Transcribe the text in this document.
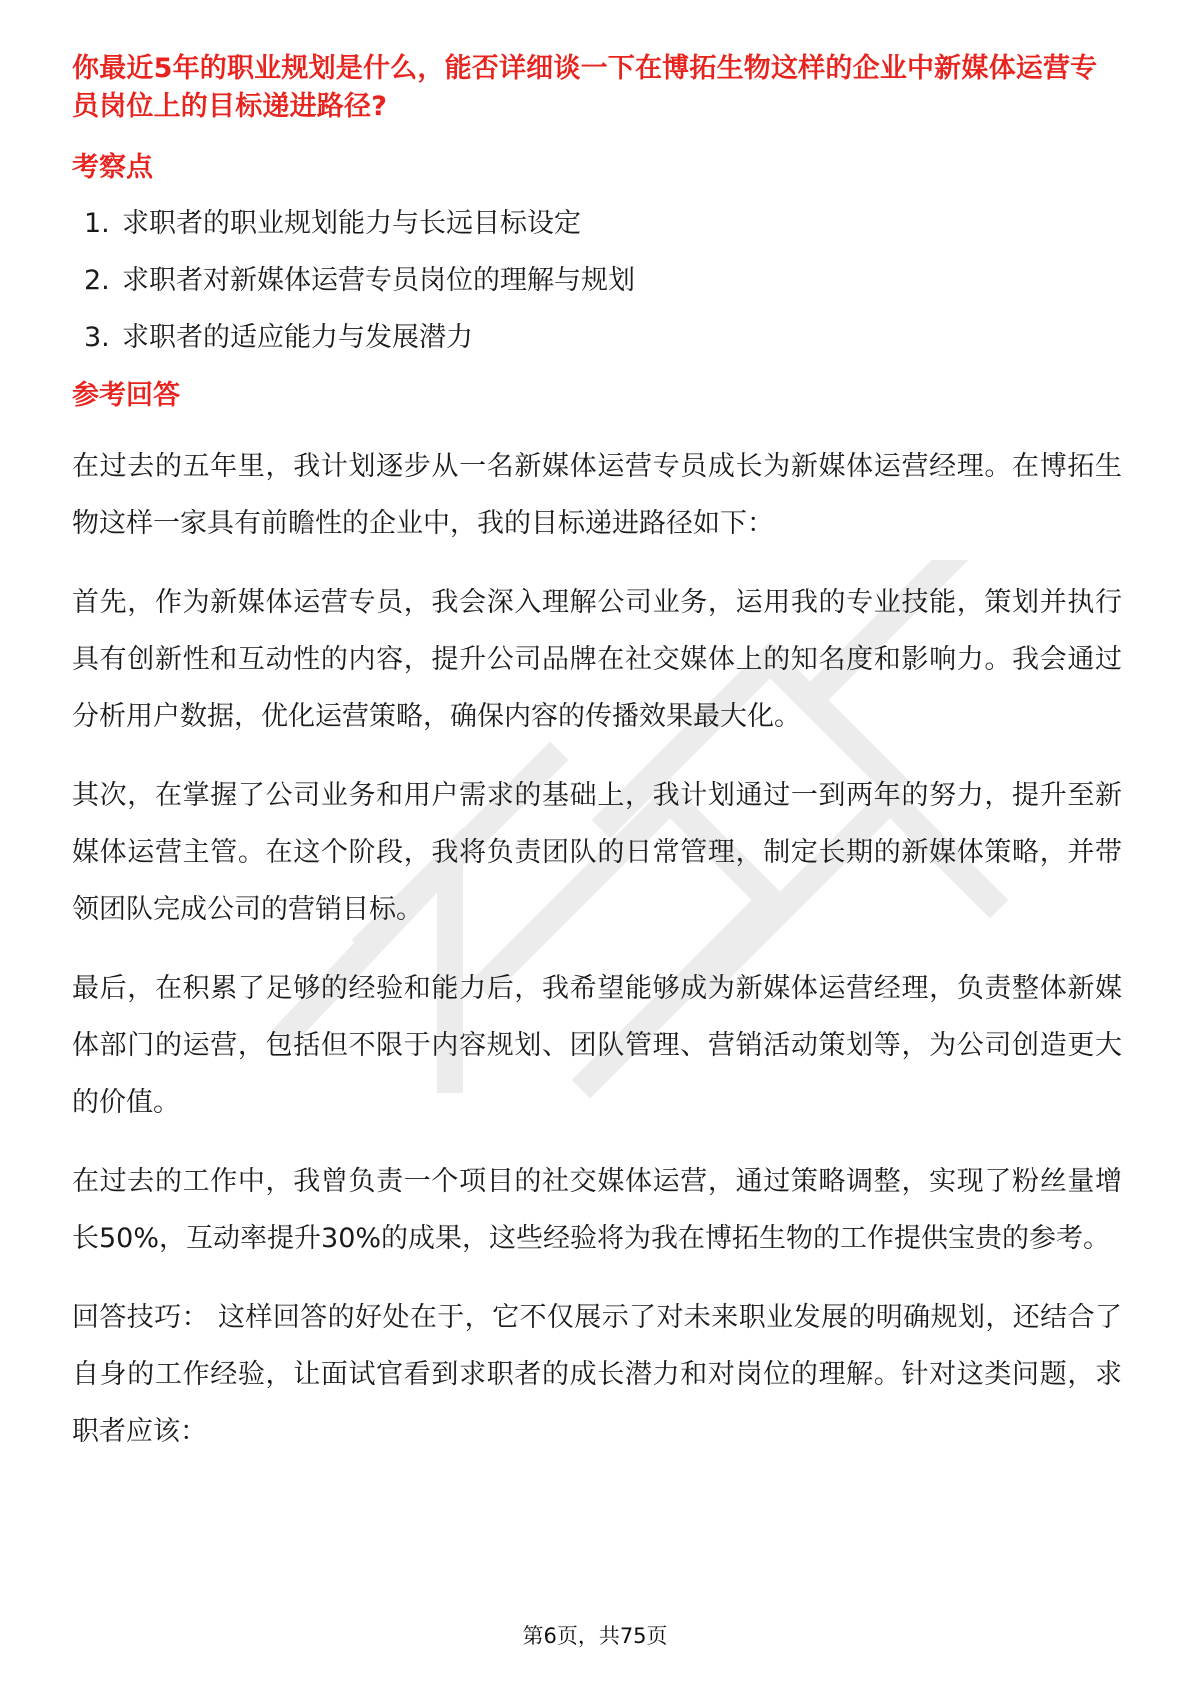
你最近5年的职业规划是什么，能否详细谈一下在博拓生物这样的企业中新媒体运营专员岗位上的目标递进路径?

考察点

1. 求职者的职业规划能力与长远目标设定
2. 求职者对新媒体运营专员岗位的理解与规划
3. 求职者的适应能力与发展潜力

参考回答

在过去的五年里，我计划逐步从一名新媒体运营专员成长为新媒体运营经理。在博拓生物这样一家具有前瞻性的企业中，我的目标递进路径如下：

首先，作为新媒体运营专员，我会深入理解公司业务，运用我的专业技能，策划并执行具有创新性和互动性的内容，提升公司品牌在社交媒体上的知名度和影响力。我会通过分析用户数据，优化运营策略，确保内容的传播效果最大化。

其次，在掌握了公司业务和用户需求的基础上，我计划通过一到两年的努力，提升至新媒体运营主管。在这个阶段，我将负责团队的日常管理，制定长期的新媒体策略，并带领团队完成公司的营销目标。

最后，在积累了足够的经验和能力后，我希望能够成为新媒体运营经理，负责整体新媒体部门的运营，包括但不限于内容规划、团队管理、营销活动策划等，为公司创造更大的价值。

在过去的工作中，我曾负责一个项目的社交媒体运营，通过策略调整，实现了粉丝量增长50%，互动率提升30%的成果，这些经验将为我在博拓生物的工作提供宝贵的参考。

回答技巧： 这样回答的好处在于，它不仅展示了对未来职业发展的明确规划，还结合了自身的工作经验，让面试官看到求职者的成长潜力和对岗位的理解。针对这类问题，求职者应该：

第6页，共75页
